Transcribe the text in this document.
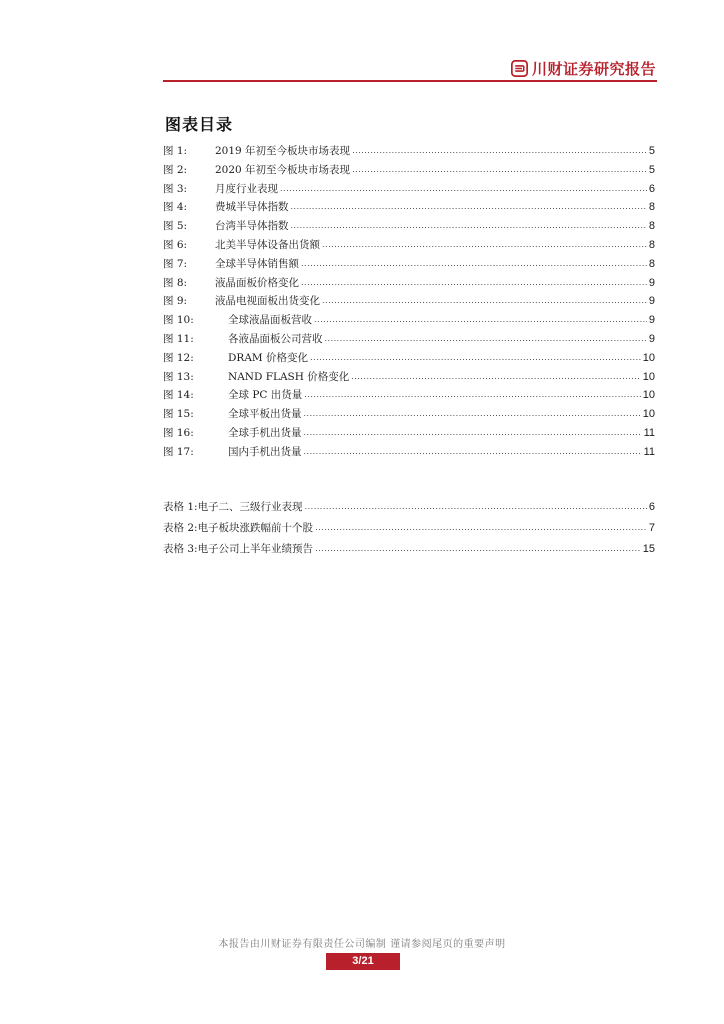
川财证券研究报告
图表目录
图 1:	2019 年初至今板块市场表现 .....	5
图 2:	2020 年初至今板块市场表现 .....	5
图 3:	月度行业表现 .....	6
图 4:	费城半导体指数 .....	8
图 5:	台湾半导体指数 .....	8
图 6:	北美半导体设备出货额 .....	8
图 7:	全球半导体销售额 .....	8
图 8:	液晶面板价格变化 .....	9
图 9:	液晶电视面板出货变化 .....	9
图 10:	全球液晶面板营收 .....	9
图 11:	各液晶面板公司营收 .....	9
图 12:	DRAM 价格变化 .....	10
图 13:	NAND FLASH 价格变化 .....	10
图 14:	全球 PC 出货量 .....	10
图 15:	全球平板出货量 .....	10
图 16:	全球手机出货量 .....	11
图 17:	国内手机出货量 .....	11
表格 1: 电子二、三级行业表现 .....	6
表格 2: 电子板块涨跌幅前十个股 .....	7
表格 3: 电子公司上半年业绩预告 .....	15
本报告由川财证券有限责任公司编制 谨请参阅尾页的重要声明
3/21
